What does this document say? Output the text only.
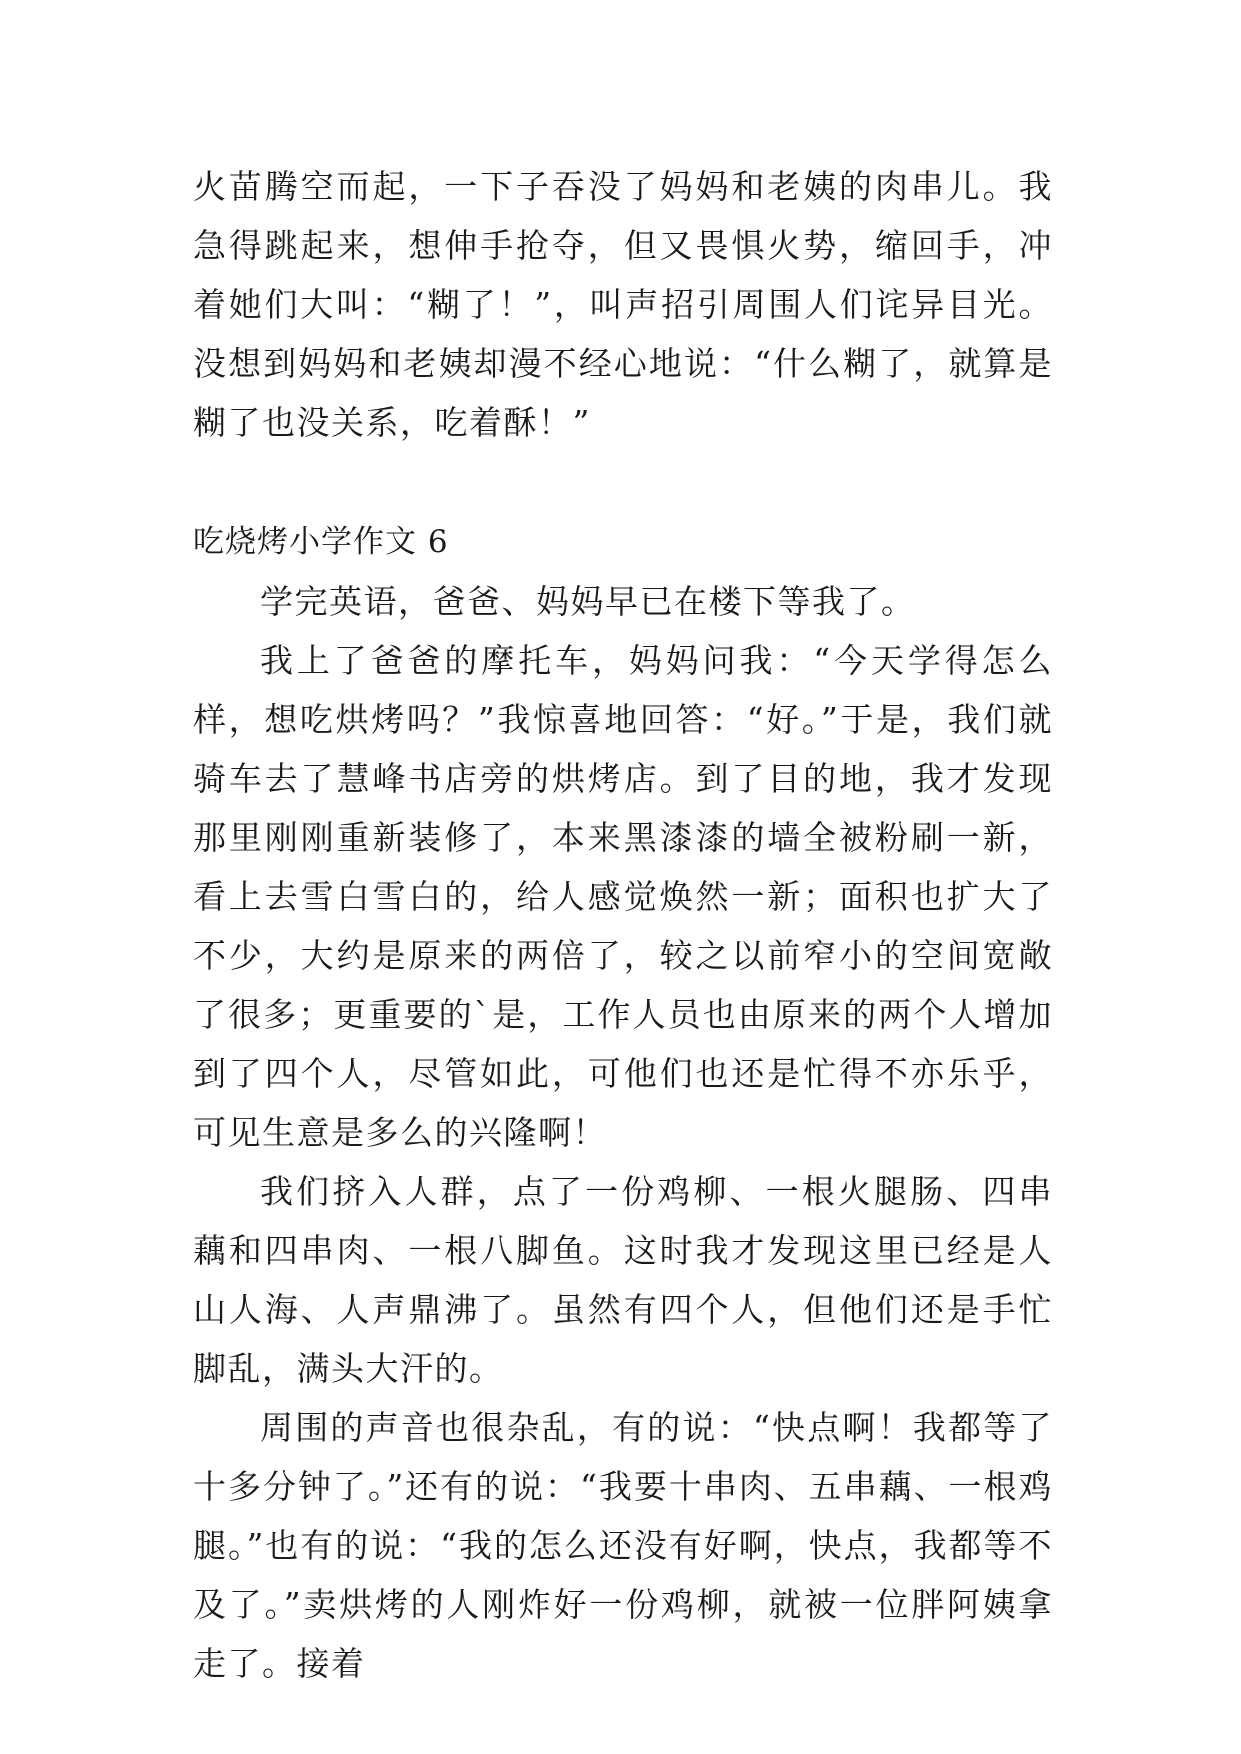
火苗腾空而起，一下子吞没了妈妈和老姨的肉串儿。我急得跳起来，想伸手抢夺，但又畏惧火势，缩回手，冲着她们大叫：“糊了！”，叫声招引周围人们诧异目光。没想到妈妈和老姨却漫不经心地说：“什么糊了，就算是糊了也没关系，吃着酥！”

吃烧烤小学作文 6

学完英语，爸爸、妈妈早已在楼下等我了。

我上了爸爸的摩托车，妈妈问我：“今天学得怎么样，想吃烘烤吗？”我惊喜地回答：“好。”于是，我们就骑车去了慧峰书店旁的烘烤店。到了目的地，我才发现那里刚刚重新装修了，本来黑漆漆的墙全被粉刷一新，看上去雪白雪白的，给人感觉焕然一新；面积也扩大了不少，大约是原来的两倍了，较之以前窄小的空间宽敞了很多；更重要的`是，工作人员也由原来的两个人增加到了四个人，尽管如此，可他们也还是忙得不亦乐乎，可见生意是多么的兴隆啊！

我们挤入人群，点了一份鸡柳、一根火腿肠、四串藕和四串肉、一根八脚鱼。这时我才发现这里已经是人山人海、人声鼎沸了。虽然有四个人，但他们还是手忙脚乱，满头大汗的。

周围的声音也很杂乱，有的说：“快点啊！我都等了十多分钟了。”还有的说：“我要十串肉、五串藕、一根鸡腿。”也有的说：“我的怎么还没有好啊，快点，我都等不及了。”卖烘烤的人刚炸好一份鸡柳，就被一位胖阿姨拿走了。接着
